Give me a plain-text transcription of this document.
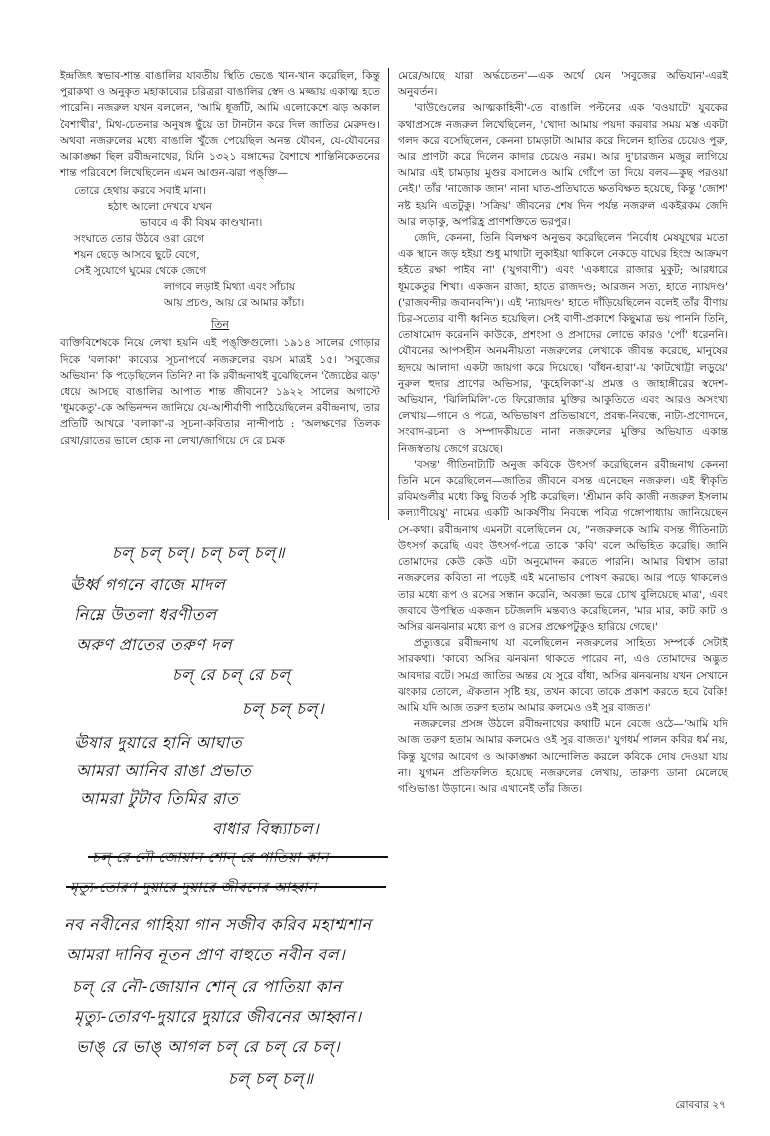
ইন্দ্রজিৎ স্বভাব-শান্ত বাঙালির যাবতীয় স্থিতি ভেঙে খান-খান করেছিল, কিন্তু পুরাকথা ও অনুকৃত মহাকাব্যের চরিত্ররা বাঙালির স্বেদ ও মজ্জায় একাত্ম হতে পারেনি। নজরুল যখন বললেন, 'আমি ধূর্জটি, আমি এলোকেশে ঝড় অকাল বৈশাখীর', মিথ-চেতনার অনুষঙ্গ ছুঁয়ে তা টানটান করে দিল জাতির মেরুদণ্ড। অথবা নজরুলের মধ্যে বাঙালি খুঁজে পেয়েছিল অনন্ত যৌবন, যে-যৌবনের আকাঙ্ক্ষা ছিল রবীন্দ্রনাথের, যিনি ১৩২১ বঙ্গাব্দের বৈশাখে শান্তিনিকেতনের শান্ত পরিবেশে লিখেছিলেন এমন আগুন-ঝরা পঙ্‌ক্তি—

তোরে হেথায় করবে সবাই মানা।
হঠাৎ আলো দেখবে যখন
ভাববে এ কী বিষম কাণ্ডখানা।
সংঘাতে তোর উঠবে ওরা রেগে
শয়ন ছেড়ে আসবে ছুটে বেগে,
সেই সুযোগে ঘুমের থেকে জেগে
লাগবে লড়াই মিথ্যা এবং সাঁচায়
আয় প্রচণ্ড, আয় রে আমার কাঁচা।
তিন

ব্যক্তিবিশেষকে নিয়ে লেখা হয়নি এই পঙ্‌ক্তিগুলো। ১৯১৪ সালের গোড়ার দিকে 'বলাকা' কাব্যের সূচনাপর্বে নজরুলের বয়স মাত্রই ১৫। 'সবুজের অভিযান' কি পড়েছিলেন তিনি? না কি রবীন্দ্রনাথই বুঝেছিলেন 'জ্যৈষ্ঠের ঝড়' ধেয়ে আসছে বাঙালির আপাত শান্ত জীবনে? ১৯২২ সালের অগাস্টে 'ধূমকেতু'-কে অভিনন্দন জানিয়ে যে-আশীর্বাণী পাঠিয়েছিলেন রবীন্দ্রনাথ, তার প্রতিটি আখরে 'বলাকা'-র সূচনা-কবিতার নান্দীপাঠ : 'অলক্ষণের তিলক রেখা/রাতের ভালে হোক না লেখা/জাগিয়ে দে রে চমক

মেরে/আছে যারা অর্দ্ধচেতন'—এক অর্থে যেন 'সবুজের অভিযান'-এরই অনুবর্তন।

'বাউণ্ডেলের আত্মকাহিনী'-তে বাঙালি পল্টনের এক 'বওয়াটে' যুবকের কথাপ্রসঙ্গে নজরুল লিখেছিলেন, 'খোদা আমায় পয়দা করবার সময় মস্ত একটা গলদ করে বসেছিলেন, কেননা চামড়াটা আমার করে দিলেন হাতির চেয়েও পুরু, আর প্রাণটা করে দিলেন কাদার চেয়েও নরম। আর দু'চারজন মজুর লাগিয়ে আমার এই চামড়ায় মুগুর বসালেও আমি গোঁপে তা দিয়ে বলব—কুছ পরওয়া নেই।' তাঁর 'নাজোক জান' নানা ঘাত-প্রতিঘাতে ক্ষতবিক্ষত হয়েছে, কিন্তু 'জোশ' নষ্ট হয়নি এতটুকু। 'সক্রিয়' জীবনের শেষ দিন পর্যন্ত নজরুল একইরকম জেদি আর লড়াকু, অপরিহ্র প্রাণশক্তিতে ভরপুর।

জেদি, কেননা, তিনি বিলক্ষণ অনুভব করেছিলেন 'নির্বোধ মেষযূথের মতো এক স্থানে জড় হইয়া শুধু মাথাটা লুকাইয়া থাকিলে নেকড়ে বাঘের হিংস্র আক্রমণ হইতে রক্ষা পাইব না' ('যুগবাণী') এবং 'একধারে রাজার মুকুট; আরধারে ধূমকেতুর শিখা। একজন রাজা, হাতে রাজদণ্ড; আরজন সত্য, হাতে ন্যায়দণ্ড' ('রাজবন্দীর জবানবন্দি')। এই 'ন্যায়দণ্ড' হাতে দাঁড়িয়েছিলেন বলেই তাঁর বীণায় চির-সত্যের বাণী ধ্বনিত হয়েছিল। সেই বাণী-প্রকাশে কিছুমাত্র ভয় পাননি তিনি, তোষামোদ করেননি কাউকে, প্রশংসা ও প্রসাদের লোভে কারও 'পোঁ' ধরেননি। যৌবনের আপসহীন অনমনীয়তা নজরুলের লেখাকে জীবন্ত করেছে, মানুষের হৃদয়ে আলাদা একটা জায়গা করে দিয়েছে। 'বাঁধন-হারা'-য় 'কাটখোট্টা লড়ুয়ে' নুরুল হুদার প্রাণের অভিসার, 'কুহেলিকা'-য় প্রমত্ত ও জাহাঙ্গীরের স্বদেশ-অভিযান, 'ঝিলিমিলি'-তে ফিরোজার মুক্তির আকুতিতে এবং আরও অসংখ্য লেখায়—গানে ও পত্রে, অভিভাষণ প্রতিভাষণে, প্রবন্ধ-নিবন্ধে, নাট্য-প্রণোদনে, সংবাদ-রচনা ও সম্পাদকীয়তে নানা নজরুলের মুক্তির অভিযাত একান্ত নিজস্বতায় জেগে রয়েছে।

'বসন্ত' গীতিনাট্যটি অনুজ কবিকে উৎসর্গ করেছিলেন রবীন্দ্রনাথ কেননা তিনি মনে করেছিলেন—জাতির জীবনে বসন্ত এনেছেন নজরুল। এই স্বীকৃতি রবিমণ্ডলীর মধ্যে কিছু বিতর্ক সৃষ্টি করেছিল। 'শ্রীমান কবি কাজী নজরুল ইসলাম কল্যাণীয়েষু' নামের একটি আকর্ষণীয় নিবন্ধে পবিত্র গঙ্গোপাধ্যায় জানিয়েছেন সে-কথা। রবীন্দ্রনাথ এমনটা বলেছিলেন যে, "নজরুলকে আমি বসন্ত গীতিনাট্য উৎসর্গ করেছি এবং উৎসর্গ-পত্রে তাকে 'কবি' বলে অভিহিত করেছি। জানি তোমাদের কেউ কেউ এটা অনুমোদন করতে পারনি। আমার বিশ্বাস তারা নজরুলের কবিতা না পড়েই এই মনোভাব পোষণ করছে। আর পড়ে থাকলেও তার মধ্যে রূপ ও রসের সন্ধান করেনি, অবজ্ঞা ভরে চোখ বুলিয়েছে মাত্র', এবং জবাবে উপস্থিত একজন চটজলদি মন্তব্যও করেছিলেন, 'মার মার, কাট কাট ও অসির ঝনঝনার মধ্যে রূপ ও রসের প্রক্ষেপটুকুও হারিয়ে গেছে।'

প্রত্যুত্তরে রবীন্দ্রনাথ যা বলেছিলেন নজরুলের সাহিত্য সম্পর্কে সেটাই সারকথা। 'কাব্যে অসির ঝনঝনা থাকতে পারেব না, এও তোমাদের অদ্ভুত আবদার বটে। সমগ্র জাতির অন্তর যে সুরে বাঁধা, অসির ঝনঝনায় যখন সেখানে ঝংকার তোলে, ঐকতান সৃষ্টি হয়, তখন কাব্যে তাকে প্রকাশ করতে হবে বৈকি! আমি যদি আজ তরুণ হতাম আমার কলমেও ওই সুর বাজত।'

নজরুলের প্রসঙ্গ উঠলে রবীন্দ্রনাথের কথাটি মনে বেজে ওঠে—'আমি যদি আজ তরুণ হতাম আমার কলমেও ওই সুর বাজত।' যুগধর্ম পালন কবির ধর্ম নয়, কিন্তু যুগের আবেগ ও আকাঙ্ক্ষা আন্দোলিত করলে কবিকে দোষ দেওয়া যায় না। যুগমন প্রতিফলিত হয়েছে নজরুলের লেখায়, তারুণ্য ডানা মেলেছে গণ্ডিভাঙা উড়ানে। আর এখানেই তাঁর জিত।

চল্ চল্ চল্। চল্ চল্ চল্॥
ঊর্ধ্ব গগনে বাজে মাদল
নিম্নে উতলা ধরণীতল
অরুণ প্রাতের তরুণ দল
চল্ রে চল্ রে চল্
চল্ চল্ চল্।
ঊষার দুয়ারে হানি আঘাত
আমরা আনিব রাঙা প্রভাত
আমরা টুটাব তিমির রাত
বাধার বিন্ধ্যাচল।
চল্ রে নৌ জোয়ান শোন্ রে পাতিয়া কান
মৃত্যু-তোরণ দুয়ারে দুয়ারে জীবনের আহ্বান
নব নবীনের গাহিয়া গান সজীব করিব মহাশ্মশান
আমরা দানিব নূতন প্রাণ বাহুতে নবীন বল।
চল্ রে নৌ-জোয়ান শোন্ রে পাতিয়া কান
মৃত্যু-তোরণ-দুয়ারে দুয়ারে জীবনের আহ্বান।
ভাঙ্ রে ভাঙ্ আগল চল্ রে চল্ রে চল্।
চল্ চল্ চল্॥
রোববার ২৭
